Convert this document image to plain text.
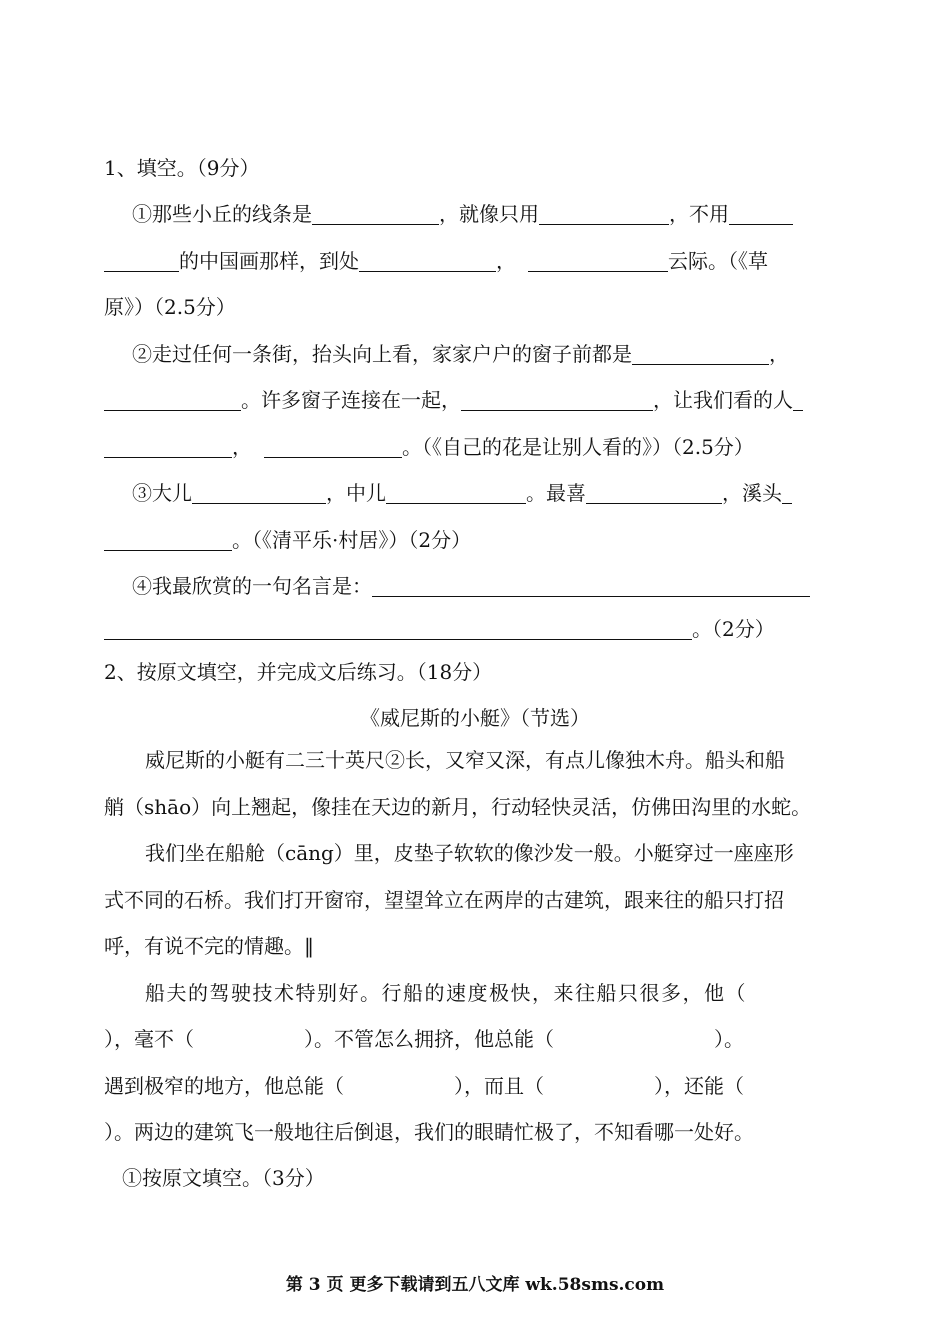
1、填空。（9分）
①那些小丘的线条是	，就像只用	，不用
的中国画那样，到处	，	云际。（《草
原》）（2.5分）
②走过任何一条街，抬头向上看，家家户户的窗子前都是	，
。许多窗子连接在一起，	，让我们看的人
，	。（《自己的花是让别人看的》）（2.5分）
③大儿	，中儿	。最喜	，溪头
。（《清平乐·村居》）（2分）
④我最欣赏的一句名言是：
。（2分）
2、按原文填空，并完成文后练习。（18分）
《威尼斯的小艇》（节选）
威尼斯的小艇有二三十英尺②长，又窄又深，有点儿像独木舟。船头和船
艄（shāo）向上翘起，像挂在天边的新月，行动轻快灵活，仿佛田沟里的水蛇。
我们坐在船舱（cāng）里，皮垫子软软的像沙发一般。小艇穿过一座座形
式不同的石桥。我们打开窗帘，望望耸立在两岸的古建筑，跟来往的船只打招
呼，有说不完的情趣。‖
船夫的驾驶技术特别好。行船的速度极快，来往船只很多，他（
），毫不（	）。不管怎么拥挤，他总能（	）。
遇到极窄的地方，他总能（	），而且（	），还能（
）。两边的建筑飞一般地往后倒退，我们的眼睛忙极了，不知看哪一处好。
①按原文填空。（3分）
第 3 页 更多下载请到五八文库 wk.58sms.com
